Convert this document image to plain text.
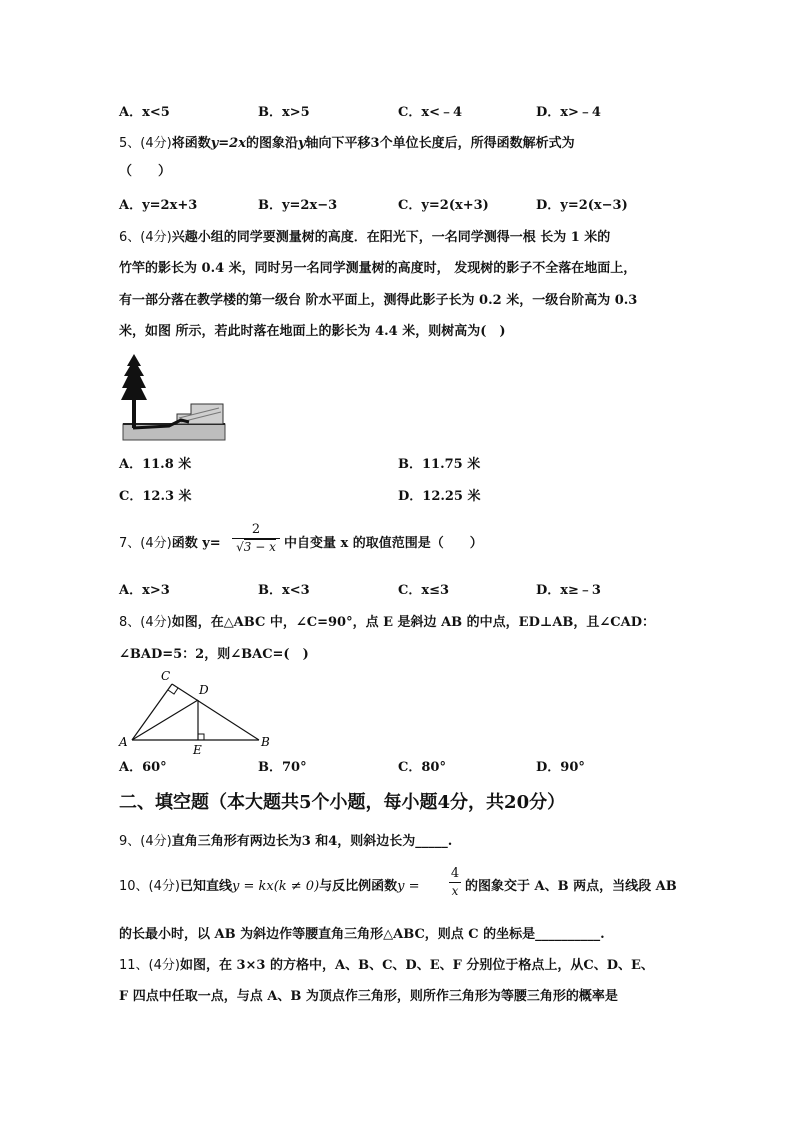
A．x<5	B．x>5	C．x<﹣4	D．x>﹣4
5、(4分)将函数y=2x的图象沿y轴向下平移3个单位长度后，所得函数解析式为
（　　）
A．y=2x+3	B．y=2x−3	C．y=2(x+3)	D．y=2(x−3)
6、(4分)兴趣小组的同学要测量树的高度．在阳光下，一名同学测得一根 长为 1 米的
竹竿的影长为 0.4 米，同时另一名同学测量树的高度时， 发现树的影子不全落在地面上，
有一部分落在教学楼的第一级台 阶水平面上，测得此影子长为 0.2 米，一级台阶高为 0.3
米，如图 所示，若此时落在地面上的影长为 4.4 米，则树高为(　)
A．11.8 米	B．11.75 米
C．12.3 米	D．12.25 米
7、(4分)函数 y=
2
√3 − x 中自变量 x 的取值范围是（　　）
A．x>3	B．x<3	C．x≤3	D．x≥﹣3
8、(4分)如图，在△ABC 中，∠C=90°，点 E 是斜边 AB 的中点，ED⊥AB，且∠CAD：
∠BAD=5：2，则∠BAC=(　)
A	B
C
D
E
A．60°	B．70°	C．80°	D．90°
二、填空题（本大题共5个小题，每小题4分，共20分）
9、(4分)直角三角形有两边长为3 和4，则斜边长为_____.
10、(4分)已知直线y = kx(k ≠ 0)与反比例函数y =
4
x 的图象交于 A、B 两点，当线段 AB
的长最小时，以 AB 为斜边作等腰直角三角形△ABC，则点 C 的坐标是__________.
11、(4分)如图，在 3×3 的方格中，A、B、C、D、E、F 分别位于格点上，从C、D、E、
F 四点中任取一点，与点 A、B 为顶点作三角形，则所作三角形为等腰三角形的概率是
